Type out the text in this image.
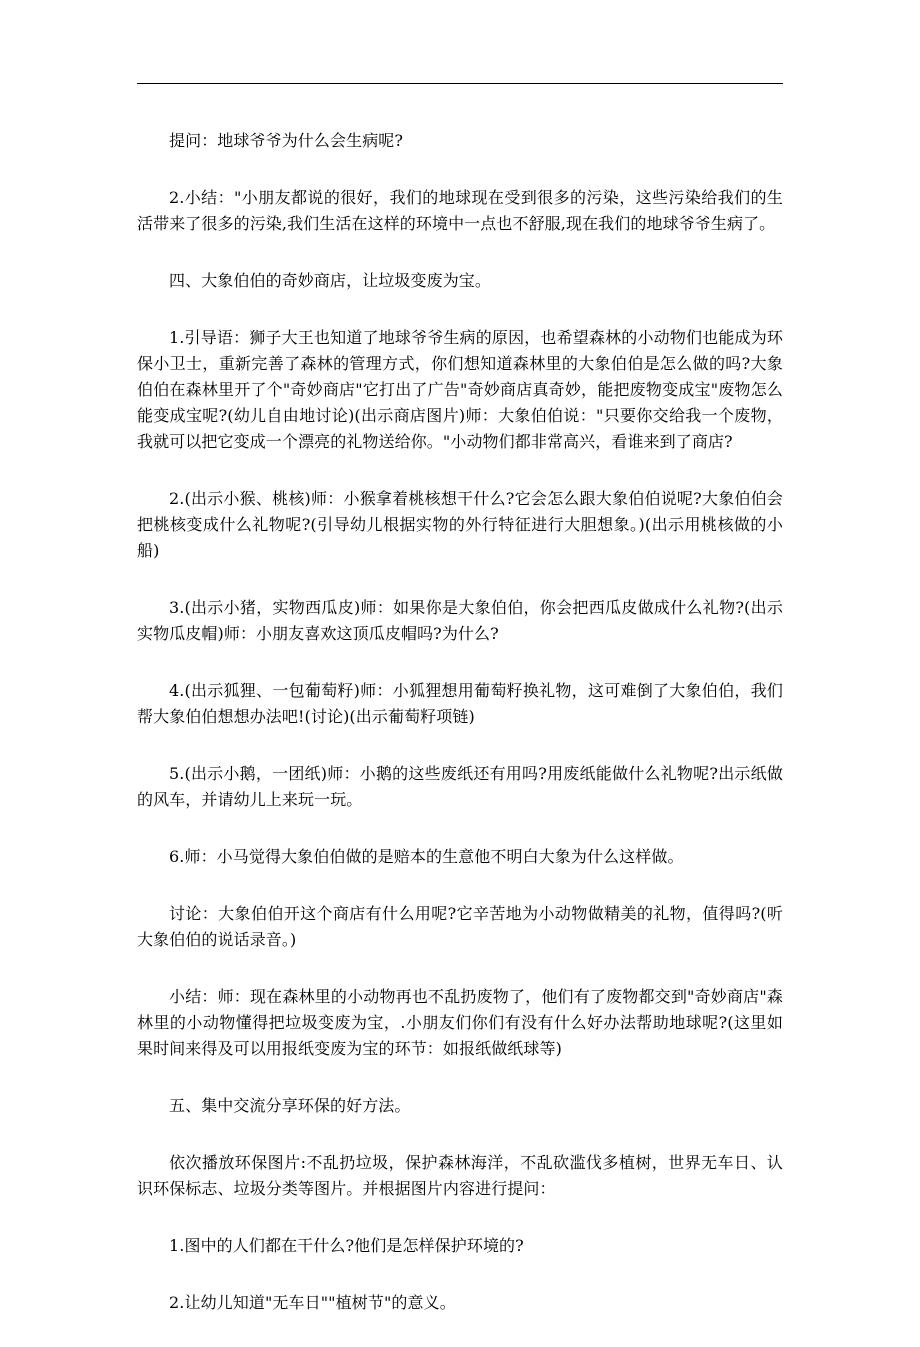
提问：地球爷爷为什么会生病呢?

2.小结："小朋友都说的很好，我们的地球现在受到很多的污染，这些污染给我们的生活带来了很多的污染,我们生活在这样的环境中一点也不舒服,现在我们的地球爷爷生病了。

四、大象伯伯的奇妙商店，让垃圾变废为宝。

1.引导语：狮子大王也知道了地球爷爷生病的原因，也希望森林的小动物们也能成为环保小卫士，重新完善了森林的管理方式，你们想知道森林里的大象伯伯是怎么做的吗?大象伯伯在森林里开了个"奇妙商店"它打出了广告"奇妙商店真奇妙，能把废物变成宝"废物怎么能变成宝呢?(幼儿自由地讨论)(出示商店图片)师：大象伯伯说："只要你交给我一个废物，我就可以把它变成一个漂亮的礼物送给你。"小动物们都非常高兴，看谁来到了商店?

2.(出示小猴、桃核)师：小猴拿着桃核想干什么?它会怎么跟大象伯伯说呢?大象伯伯会把桃核变成什么礼物呢?(引导幼儿根据实物的外行特征进行大胆想象。)(出示用桃核做的小船)

3.(出示小猪，实物西瓜皮)师：如果你是大象伯伯，你会把西瓜皮做成什么礼物?(出示实物瓜皮帽)师：小朋友喜欢这顶瓜皮帽吗?为什么?

4.(出示狐狸、一包葡萄籽)师：小狐狸想用葡萄籽换礼物，这可难倒了大象伯伯，我们帮大象伯伯想想办法吧!(讨论)(出示葡萄籽项链)

5.(出示小鹅，一团纸)师：小鹅的这些废纸还有用吗?用废纸能做什么礼物呢?出示纸做的风车，并请幼儿上来玩一玩。

6.师：小马觉得大象伯伯做的是赔本的生意他不明白大象为什么这样做。

讨论：大象伯伯开这个商店有什么用呢?它辛苦地为小动物做精美的礼物，值得吗?(听大象伯伯的说话录音。)

小结：师：现在森林里的小动物再也不乱扔废物了，他们有了废物都交到"奇妙商店"森林里的小动物懂得把垃圾变废为宝，.小朋友们你们有没有什么好办法帮助地球呢?(这里如果时间来得及可以用报纸变废为宝的环节：如报纸做纸球等)

五、集中交流分享环保的好方法。

依次播放环保图片:不乱扔垃圾，保护森林海洋，不乱砍滥伐多植树，世界无车日、认识环保标志、垃圾分类等图片。并根据图片内容进行提问：

1.图中的人们都在干什么?他们是怎样保护环境的?

2.让幼儿知道"无车日""植树节"的意义。
